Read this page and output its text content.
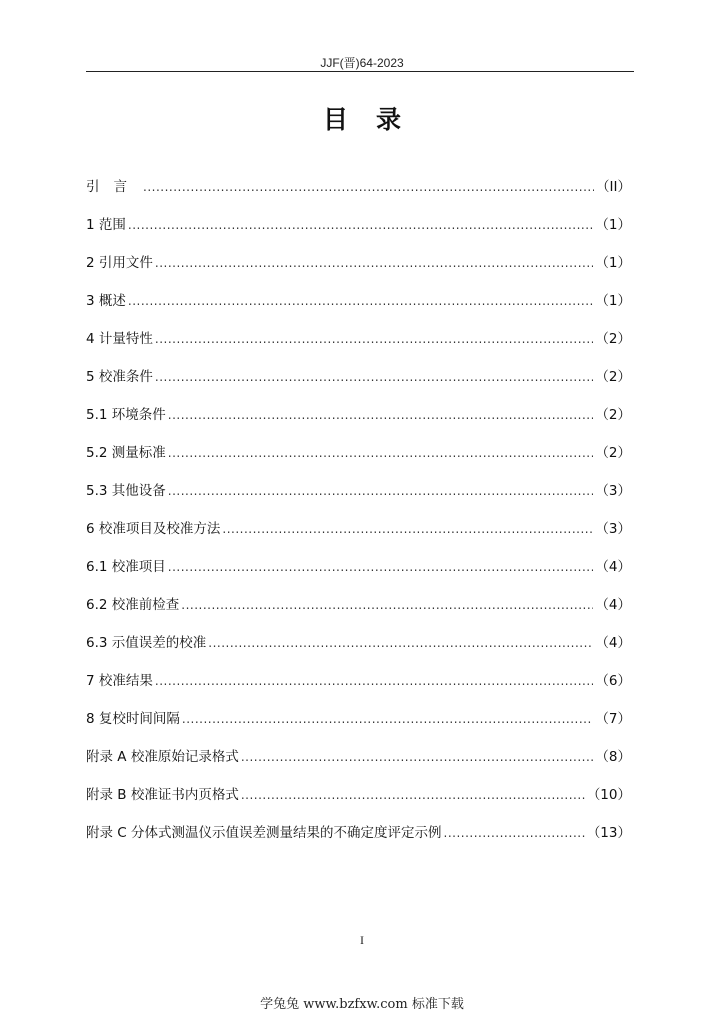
JJF(晋)64-2023
目录
引言 .....	（II）
1 范围 .....	（1）
2 引用文件 .....	（1）
3 概述 .....	（1）
4 计量特性 .....	（2）
5 校准条件 .....	（2）
5.1 环境条件 .....	（2）
5.2 测量标准 .....	（2）
5.3 其他设备 .....	（3）
6 校准项目及校准方法 .....	（3）
6.1 校准项目 .....	（4）
6.2 校准前检查 .....	（4）
6.3 示值误差的校准 .....	（4）
7 校准结果 .....	（6）
8 复校时间间隔 .....	（7）
附录 A 校准原始记录格式 .....	（8）
附录 B 校准证书内页格式 .....	（10）
附录 C 分体式测温仪示值误差测量结果的不确定度评定示例 .....	（13）
I
学兔兔 www.bzfxw.com 标准下载
